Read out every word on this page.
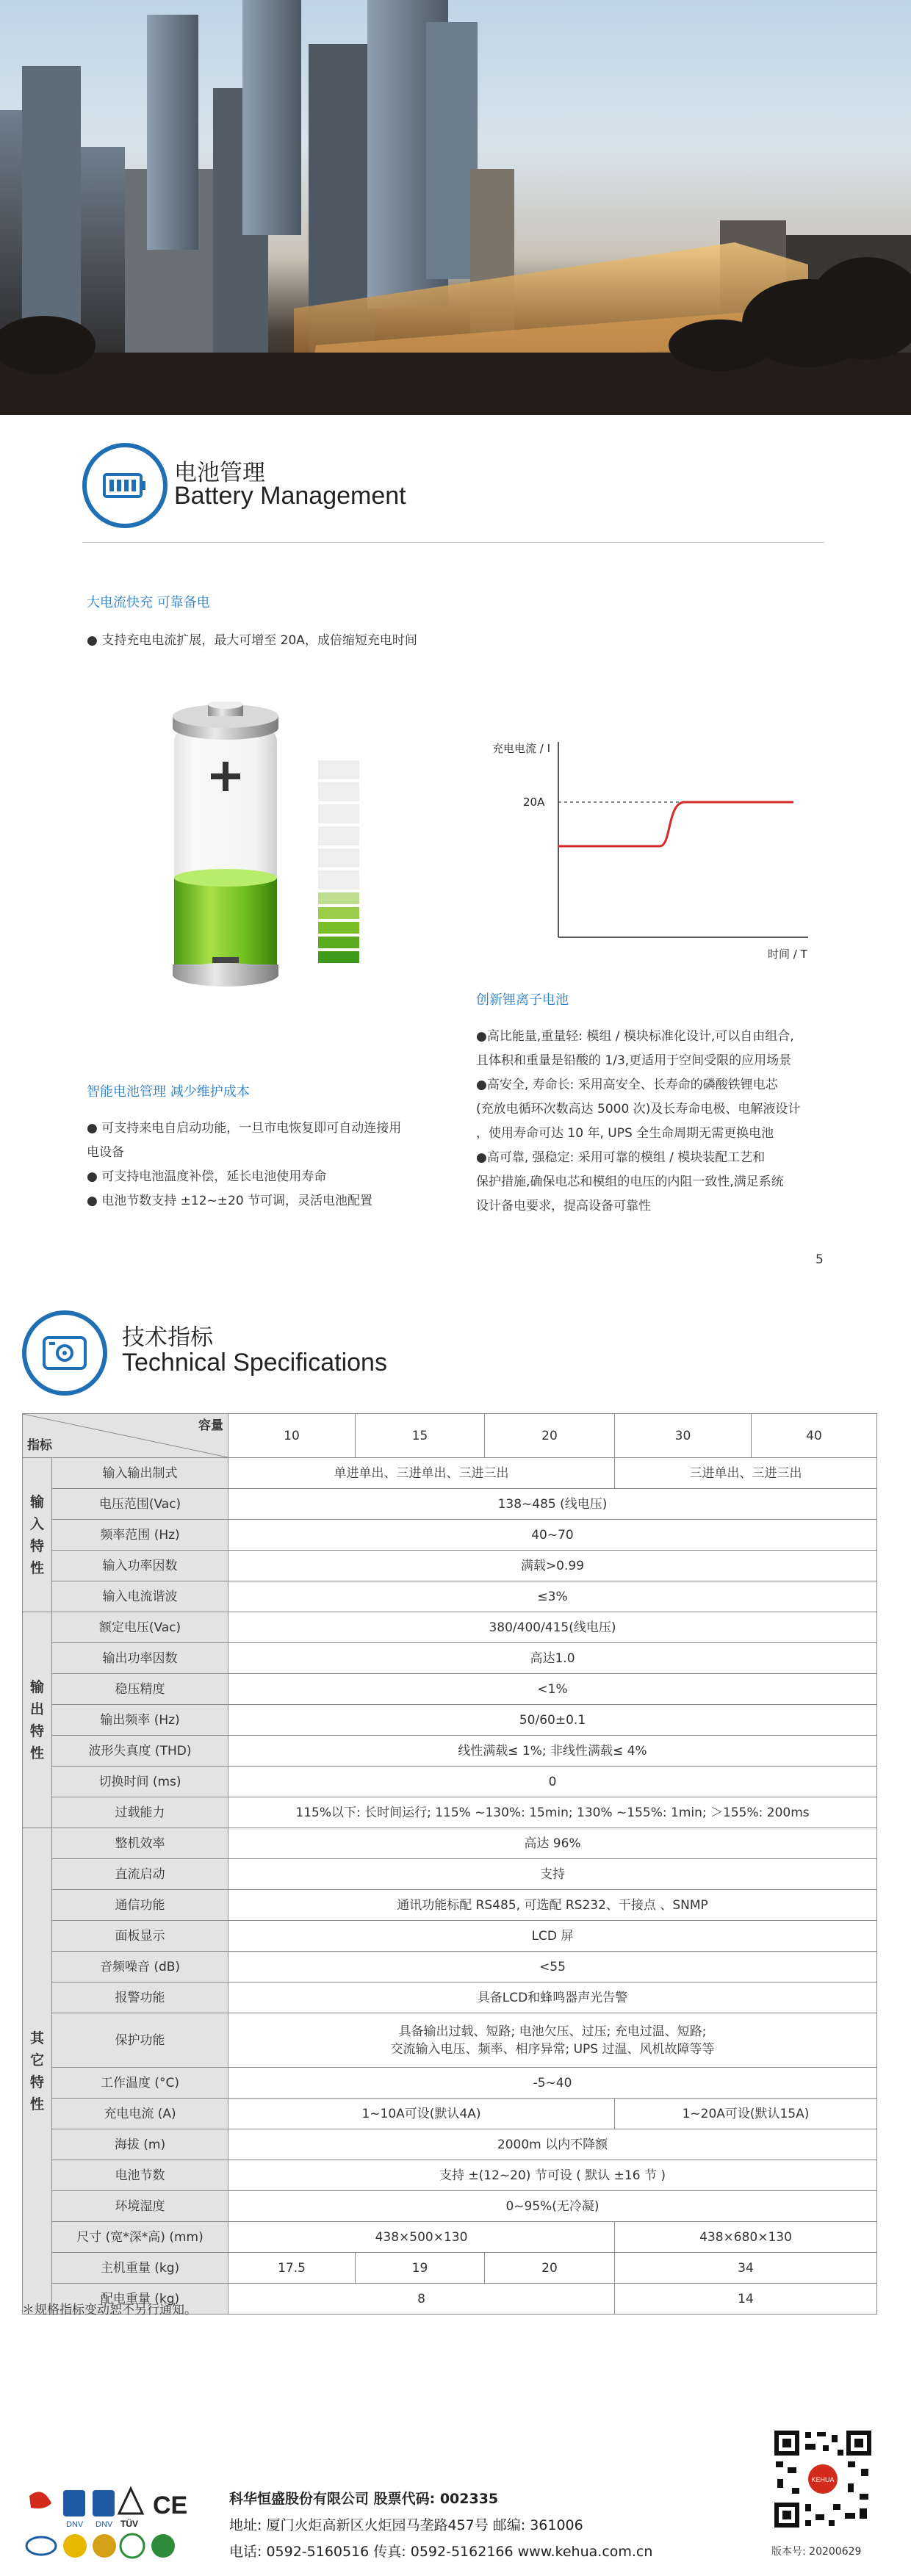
电池管理
Battery Management
大电流快充 可靠备电
● 支持充电电流扩展，最大可增至 20A，成倍缩短充电时间
智能电池管理 减少维护成本

● 可支持来电自启动功能，一旦市电恢复即可自动连接用

电设备

● 可支持电池温度补偿，延长电池使用寿命

● 电池节数支持 ±12~±20 节可调，灵活电池配置

充电电流 / I
20A
时间 / T
创新锂离子电池

●高比能量,重量轻: 模组 / 模块标准化设计,可以自由组合,

且体积和重量是铅酸的 1/3,更适用于空间受限的应用场景

●高安全, 寿命长: 采用高安全、长寿命的磷酸铁锂电芯

(充放电循环次数高达 5000 次)及长寿命电极、电解液设计

，使用寿命可达 10 年, UPS 全生命周期无需更换电池

●高可靠, 强稳定: 采用可靠的模组 / 模块装配工艺和

保护措施,确保电芯和模组的电压的内阻一致性,满足系统

设计备电要求，提高设备可靠性

5
技术指标
Technical Specifications
容量
指标		10	15	20	30	40
输入特性	输入输出制式	单进单出、三进单出、三进三出			三进单出、三进三出	
	电压范围(Vac)	138~485 (线电压)				
	频率范围 (Hz)	40~70				
	输入功率因数	满载>0.99				
	输入电流谐波	≤3%				
输出特性	额定电压(Vac)	380/400/415(线电压)				
	输出功率因数	高达1.0				
	稳压精度	<1%				
	输出频率 (Hz)	50/60±0.1				
	波形失真度 (THD)	线性满载≤ 1%; 非线性满载≤ 4%				
	切换时间 (ms)	0				
	过载能力	115%以下: 长时间运行; 115% ~130%: 15min; 130% ~155%: 1min; ＞155%: 200ms				
其它特性	整机效率	高达 96%				
	直流启动	支持				
	通信功能	通讯功能标配 RS485, 可选配 RS232、干接点 、SNMP				
	面板显示	LCD 屏				
	音频噪音 (dB)	<55				
	报警功能	具备LCD和蜂鸣器声光告警				
	保护功能	具备输出过载、短路; 电池欠压、过压; 充电过温、短路;
交流输入电压、频率、相序异常; UPS 过温、风机故障等等				

	工作温度 (°C)	-5~40				
	充电电流 (A)	1~10A可设(默认4A)			1~20A可设(默认15A)	
	海拔 (m)	2000m 以内不降额				
	电池节数	支持 ±(12~20) 节可设 ( 默认 ±16 节 )				
	环境湿度	0~95%(无冷凝)				
	尺寸 (宽*深*高) (mm)	438×500×130			438×680×130	
	主机重量 (kg)	17.5	19	20	34	
	配电重量 (kg)	8			14	
＊规格指标变动恕不另行通知。
CE
TÜV
DNV DNV
科华恒盛股份有限公司 股票代码: 002335
地址: 厦门火炬高新区火炬园马垄路457号 邮编: 361006
电话: 0592-5160516 传真: 0592-5162166 www.kehua.com.cn
KEHUA
版本号: 20200629
